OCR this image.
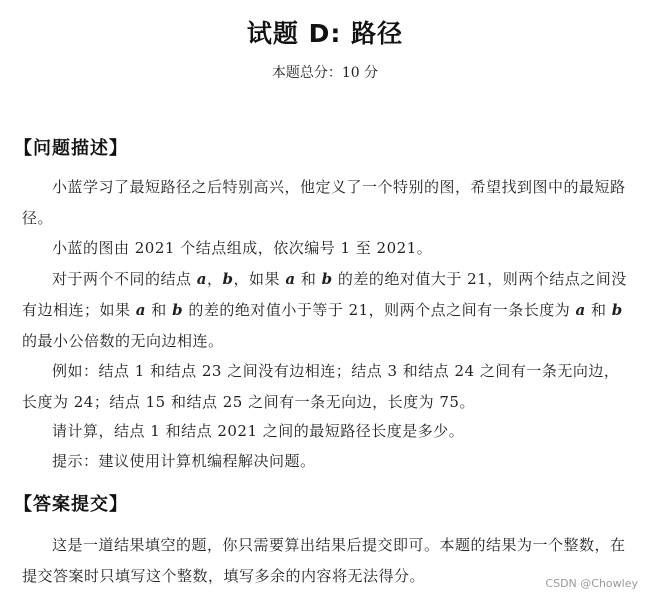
试题 D: 路径
本题总分：10 分
【问题描述】
小蓝学习了最短路径之后特别高兴，他定义了一个特别的图，希望找到图中的最短路径。
小蓝的图由 2021 个结点组成，依次编号 1 至 2021。
对于两个不同的结点 a，b，如果 a 和 b 的差的绝对值大于 21，则两个结点之间没有边相连；如果 a 和 b 的差的绝对值小于等于 21，则两个点之间有一条长度为 a 和 b 的最小公倍数的无向边相连。
例如：结点 1 和结点 23 之间没有边相连；结点 3 和结点 24 之间有一条无向边，长度为 24；结点 15 和结点 25 之间有一条无向边，长度为 75。
请计算，结点 1 和结点 2021 之间的最短路径长度是多少。
提示：建议使用计算机编程解决问题。
【答案提交】
这是一道结果填空的题，你只需要算出结果后提交即可。本题的结果为一个整数，在提交答案时只填写这个整数，填写多余的内容将无法得分。	CSDN @Chowley
